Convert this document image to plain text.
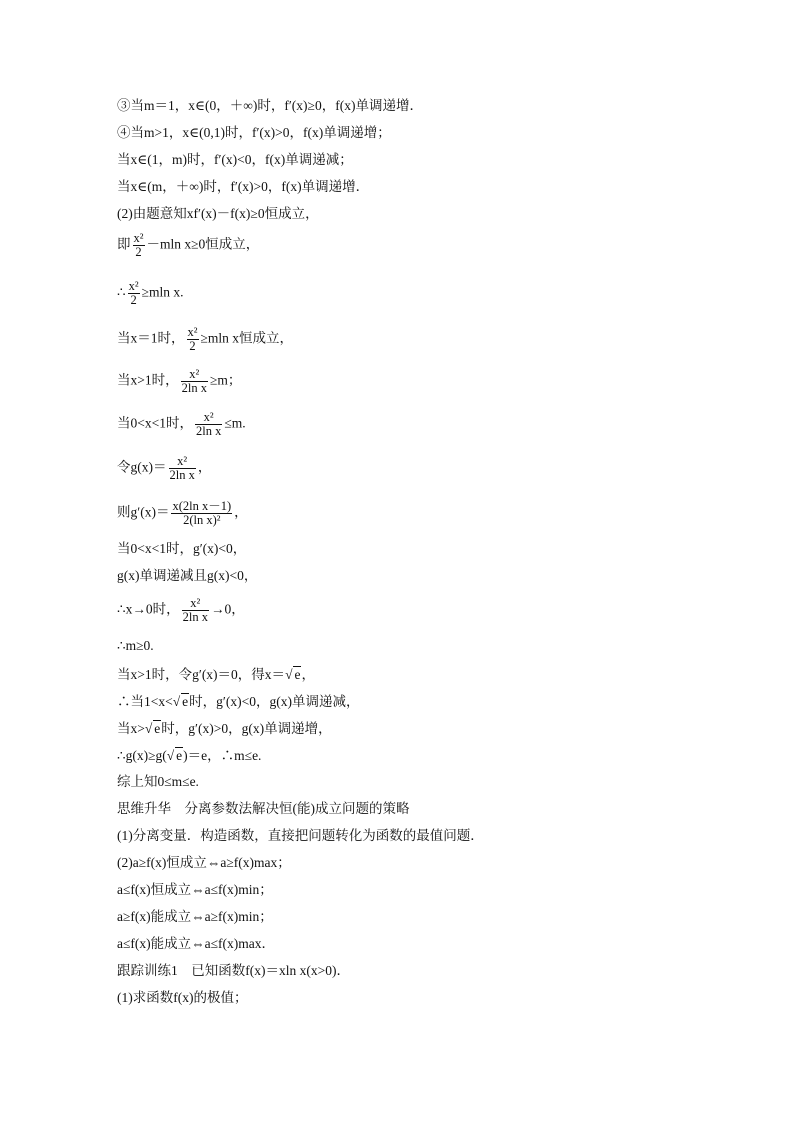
③当m＝1，x∈(0，＋∞)时，f′(x)≥0，f(x)单调递增．
④当m>1，x∈(0,1)时，f′(x)>0，f(x)单调递增；
当x∈(1，m)时，f′(x)<0，f(x)单调递减；
当x∈(m，＋∞)时，f′(x)>0，f(x)单调递增．
(2)由题意知xf′(x)－f(x)≥0恒成立，
即 $\frac{\text{x²}}{2} -mln$ x≥0恒成立，
∴ $\frac{\text{x²}}{2} \ge mln$ x.
当x＝1时， $\frac{\text{x²}}{2} \ge mln$ x恒成立，
当x>1时， $\frac{\text{x²}}{\text{2ln x}} \ge m$；
当0<x<1时， $\frac{\text{x²}}{\text{2ln x}} \le m$.
令$g(x)= \frac{\text{x²}}{\text{2ln x}}$ ，
则$g'(x)= \frac{\text{x(2ln x－1)}}{\text{2(ln x)²}}$ ，
当0<x<1时，g′(x)<0，
g(x)单调递减且g(x)<0，
∴x→0时， $\frac{\text{x²}}{\text{2ln x}} \to 0$，
∴m≥0.
当x>1时，令g′(x)＝0，得x＝√ e，
∴当1<x<√ e时，g′(x)<0，g(x)单调递减，
当x>√ e时，g′(x)>0，g(x)单调递增，
∴g(x)≥g(√ e)＝e，∴m≤e.
综上知0≤m≤e.
思维升华　分离参数法解决恒(能)成立问题的策略
(1)分离变量．构造函数，直接把问题转化为函数的最值问题．
(2)a≥f(x)恒成立⇔a≥f(x)max；
a≤f(x)恒成立⇔a≤f(x)min；
a≥f(x)能成立⇔a≥f(x)min；
a≤f(x)能成立⇔a≤f(x)max．
跟踪训练1　已知函数f(x)＝xln x(x>0)．
(1)求函数f(x)的极值；
